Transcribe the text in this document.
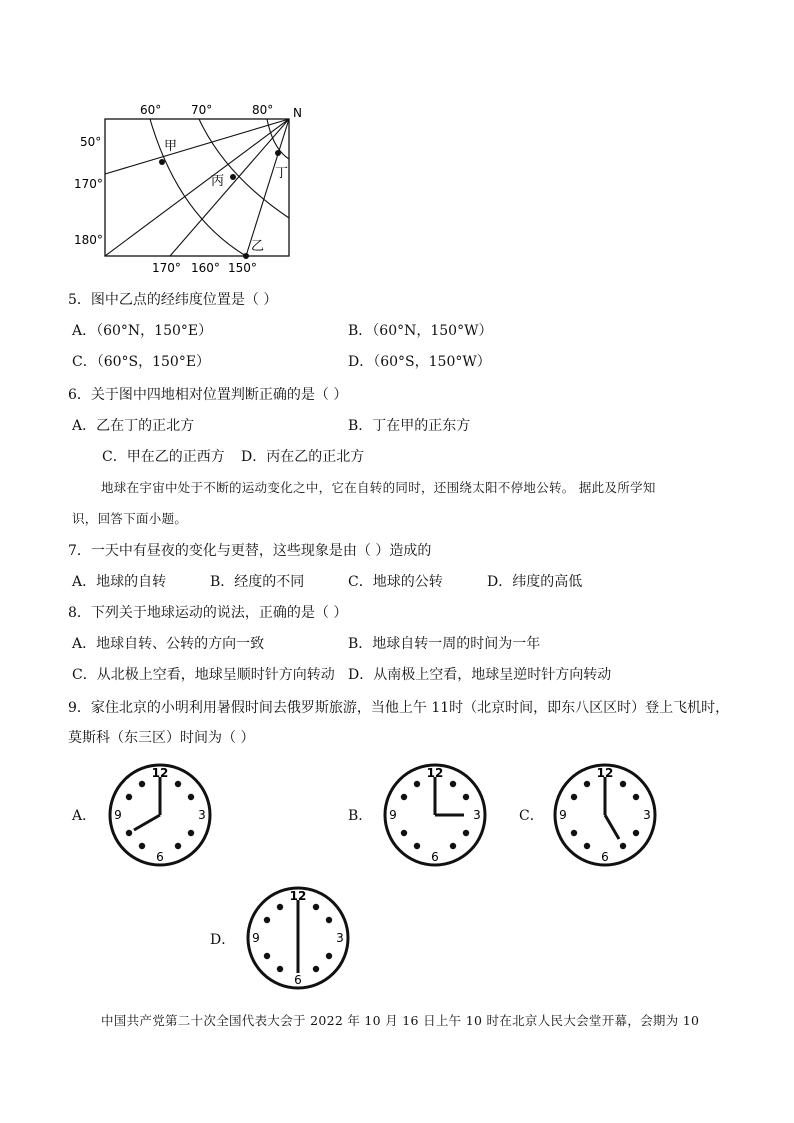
60° 70°	80° N
50°
170°
180°
170° 160° 150°
甲
丙
丁
乙
5．图中乙点的经纬度位置是（ ）
A．（60°N，150°E）	B．（60°N，150°W）
C．（60°S，150°E）	D．（60°S，150°W）
6．关于图中四地相对位置判断正确的是（ ）
A．乙在丁的正北方	B．丁在甲的正东方
C．甲在乙的正西方 D．丙在乙的正北方
地球在宇宙中处于不断的运动变化之中，它在自转的同时，还围绕太阳不停地公转。 据此及所学知
识，回答下面小题。
7．一天中有昼夜的变化与更替，这些现象是由（ ）造成的
A．地球的自转	B．经度的不同	C．地球的公转	D．纬度的高低
8．下列关于地球运动的说法，正确的是（ ）
A．地球自转、公转的方向一致	B．地球自转一周的时间为一年
C．从北极上空看，地球呈顺时针方向转动 D．从南极上空看，地球呈逆时针方向转动
9．家住北京的小明利用暑假时间去俄罗斯旅游，当他上午 11时（北京时间，即东八区区时）登上飞机时，
莫斯科（东三区）时间为（ ）
A．	B．	C．
D．
12
3
6
9
12
3
6
9
12
3
6
9
12
3
6
9
中国共产党第二十次全国代表大会于 2022 年 10 月 16 日上午 10 时在北京人民大会堂开幕，会期为 10
